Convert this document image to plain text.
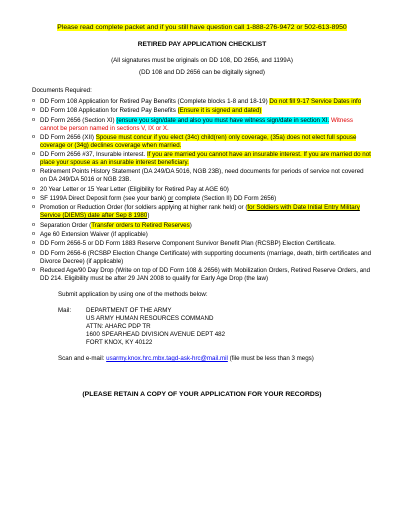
Please read complete packet and if you still have question call 1-888-276-9472 or 502-613-8950
RETIRED PAY APPLICATION CHECKLIST
(All signatures must be originals on DD 108, DD 2656, and 1199A)
(DD 108 and DD 2656 can be digitally signed)
Documents Required:
o DD Form 108 Application for Retired Pay Benefits (Complete blocks 1-8 and 18-19) Do not fill 9-17 Service Dates info
o DD Form 108 Application for Retired Pay Benefits (Ensure it is signed and dated)
o DD Form 2656 (Section XI) (ensure you sign/date and also you must have witness sign/date in section XI. Witness cannot be person named in sections V, IX or X.
o DD Form 2656 (XII) Spouse must concur if you elect (34c) child(ren) only coverage, (35a) does not elect full spouse coverage or (34g) declines coverage when married.
o DD Form 2656 #37, Insurable interest. If you are married you cannot have an insurable interest. If you are married do not place your spouse as an insurable interest beneficiary.
o Retirement Points History Statement (DA 249/DA 5016, NGB 23B), need documents for periods of service not covered on DA 249/DA 5016 or NGB 23B.
o 20 Year Letter or 15 Year Letter (Eligibility for Retired Pay at AGE 60)
o SF 1199A Direct Deposit form (see your bank) or complete (Section II) DD Form 2656)
o Promotion or Reduction Order (for soldiers applying at higher rank held) or (for Soldiers with Date Initial Entry Military Service (DIEMS) date after Sep 8 1980)
o Separation Order (Transfer orders to Retired Reserves)
o Age 60 Extension Waiver (if applicable)
o DD Form 2656-5 or DD Form 1883 Reserve Component Survivor Benefit Plan (RCSBP) Election Certificate.
o DD Form 2656-6 (RCSBP Election Change Certificate) with supporting documents (marriage, death, birth certificates and Divorce Decree) (if applicable)
o Reduced Age/90 Day Drop (Write on top of DD Form 108 & 2656) with Mobilization Orders, Retired Reserve Orders, and DD 214. Eligibility must be after 29 JAN 2008 to qualify for Early Age Drop (the law)
Submit application by using one of the methods below:
Mail:	DEPARTMENT OF THE ARMY
US ARMY HUMAN RESOURCES COMMAND
ATTN: AHARC PDP TR
1600 SPEARHEAD DIVISION AVENUE DEPT 482
FORT KNOX, KY 40122
Scan and e-mail: usarmy.knox.hrc.mbx.tagd-ask-hrc@mail.mil (file must be less than 3 megs)
(PLEASE RETAIN A COPY OF YOUR APPLICATION FOR YOUR RECORDS)
